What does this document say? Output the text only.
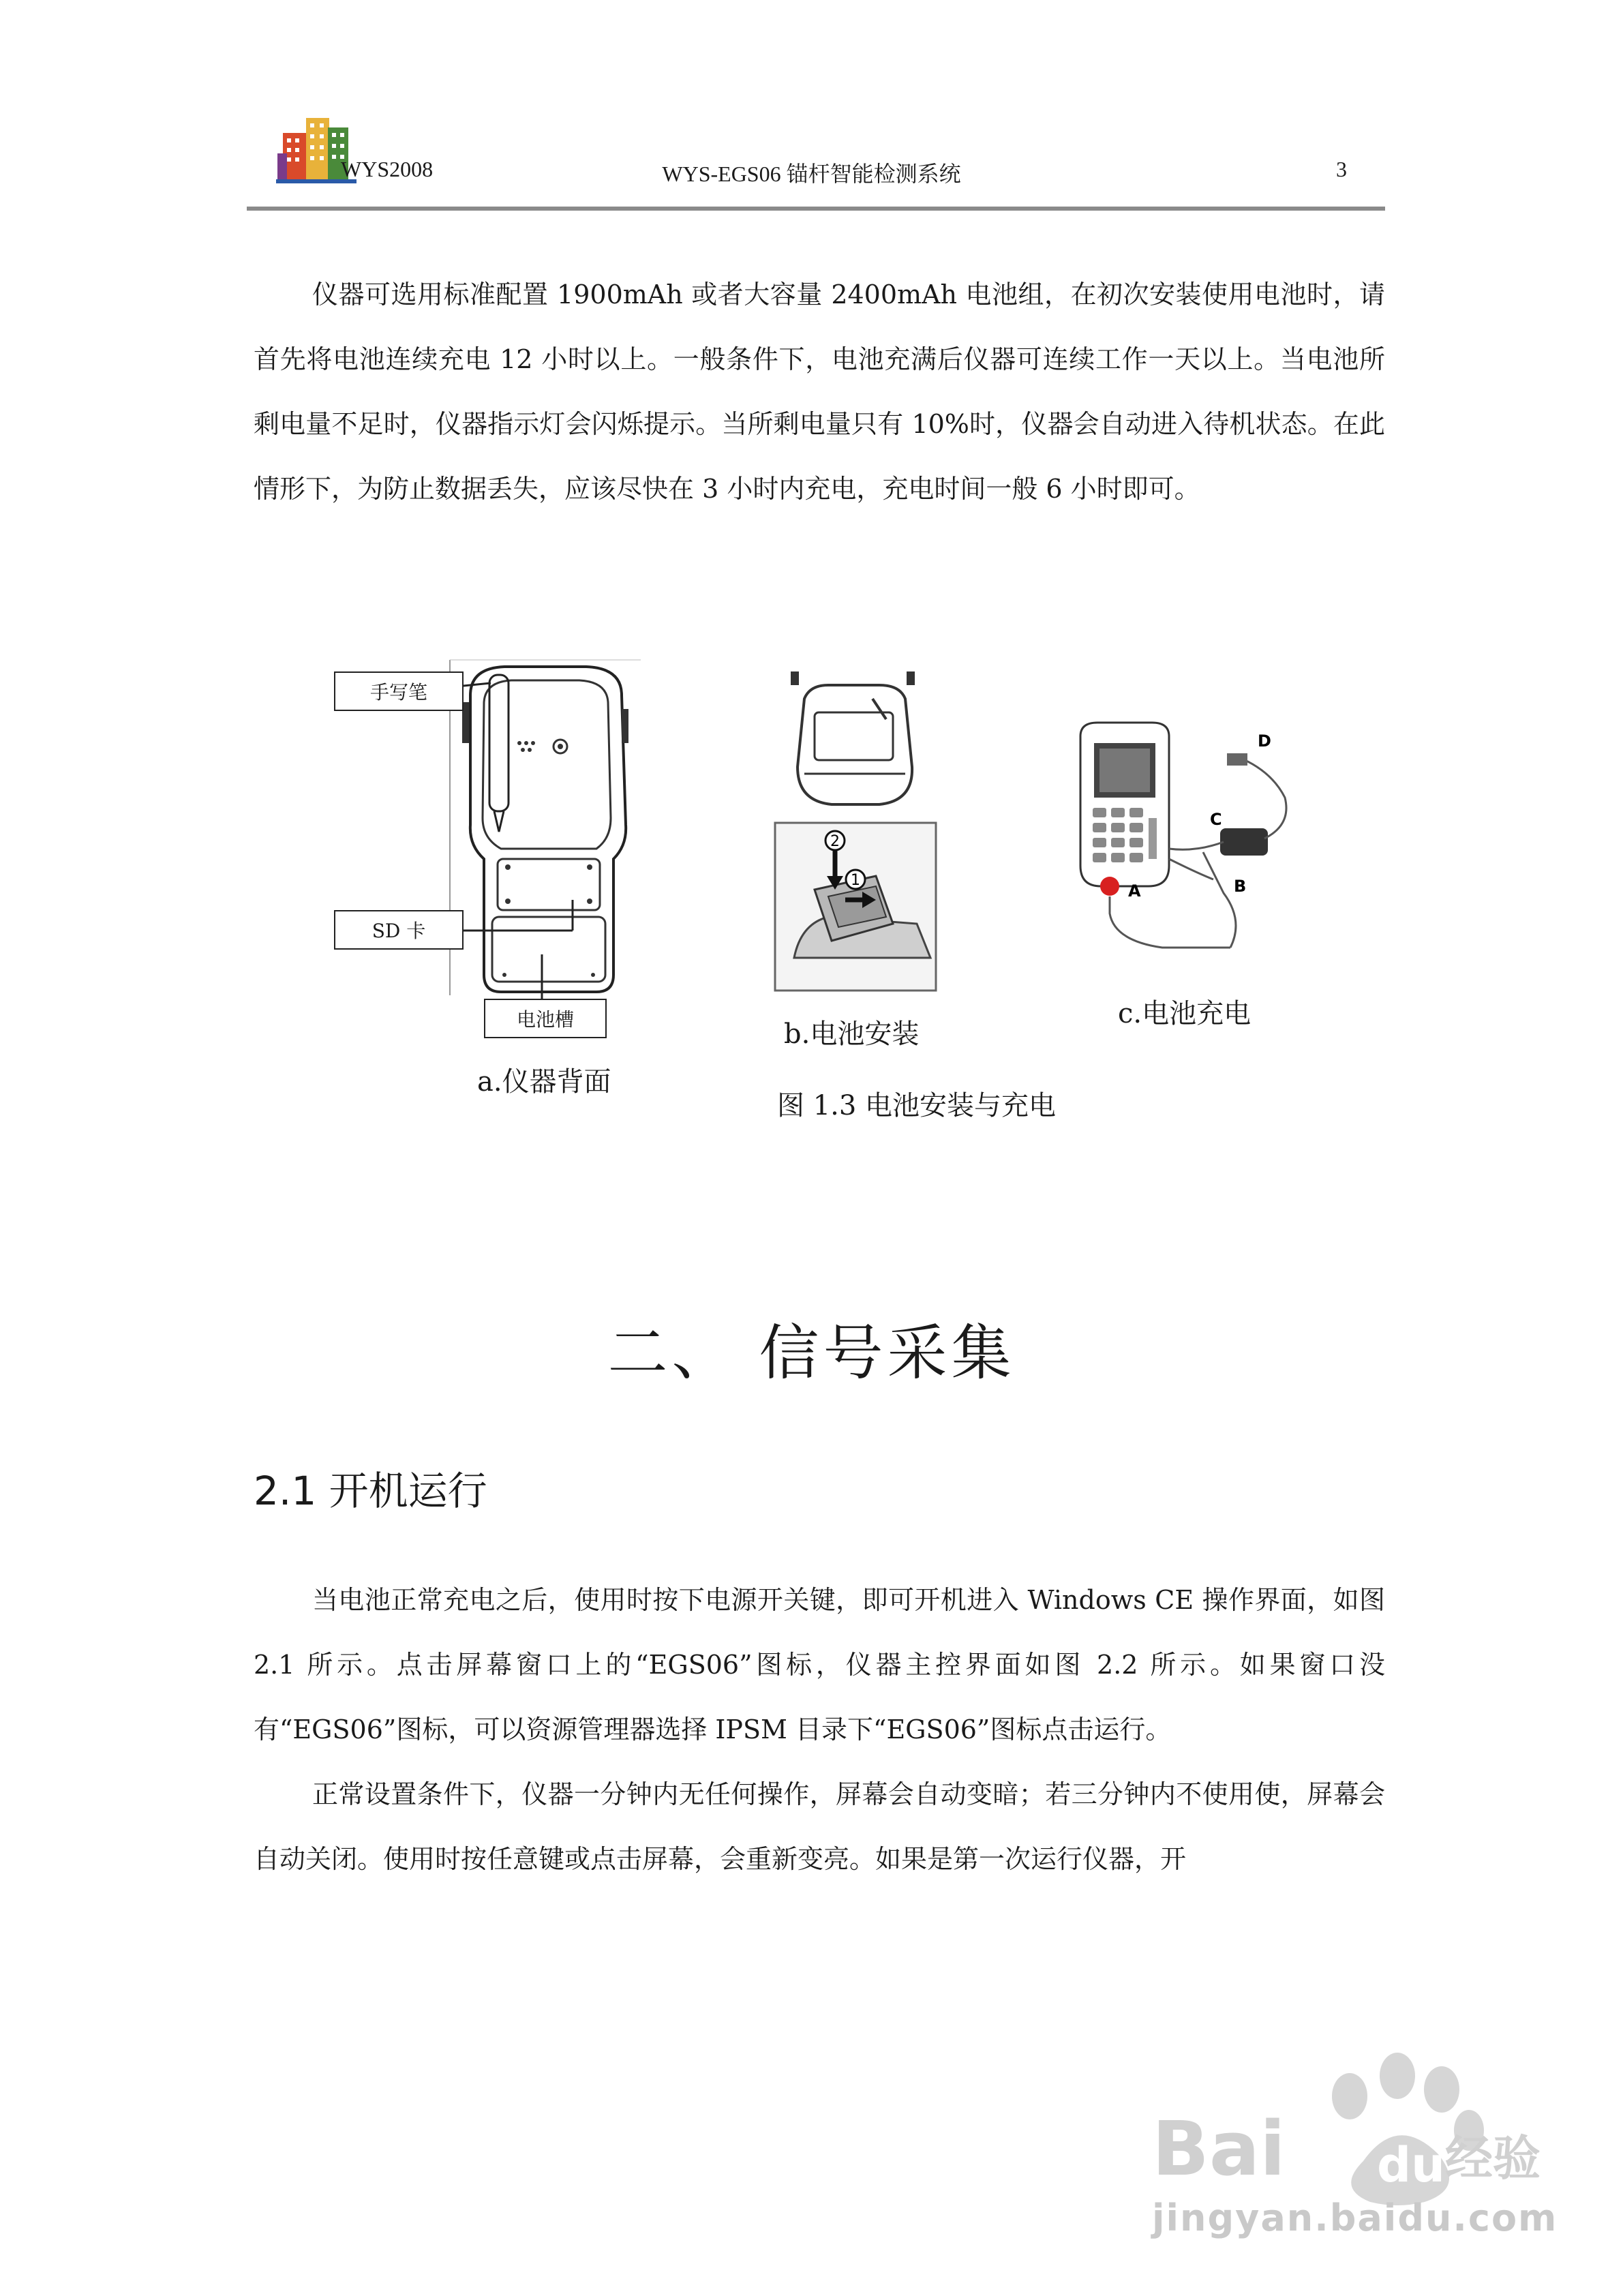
WYS2008	WYS-EGS06 锚杆智能检测系统	3

仪器可选用标准配置 1900mAh 或者大容量 2400mAh 电池组，在初次安装使用电池时，请首先将电池连续充电 12 小时以上。一般条件下，电池充满后仪器可连续工作一天以上。当电池所剩电量不足时，仪器指示灯会闪烁提示。当所剩电量只有 10%时，仪器会自动进入待机状态。在此情形下，为防止数据丢失，应该尽快在 3 小时内充电，充电时间一般 6 小时即可。

手写笔
SD 卡
电池槽
a.仪器背面
2
1
b.电池安装
A	B
C
D
c.电池充电
图 1.3 电池安装与充电
二、 信号采集
2.1 开机运行

当电池正常充电之后，使用时按下电源开关键，即可开机进入 Windows CE 操作界面，如图 2.1 所示。点击屏幕窗口上的“EGS06”图标，仪器主控界面如图 2.2 所示。如果窗口没有“EGS06”图标，可以资源管理器选择 IPSM 目录下“EGS06”图标点击运行。

正常设置条件下，仪器一分钟内无任何操作，屏幕会自动变暗；若三分钟内不使用使，屏幕会自动关闭。使用时按任意键或点击屏幕，会重新变亮。如果是第一次运行仪器，开

Bai du 经验
jingyan.baidu.com
